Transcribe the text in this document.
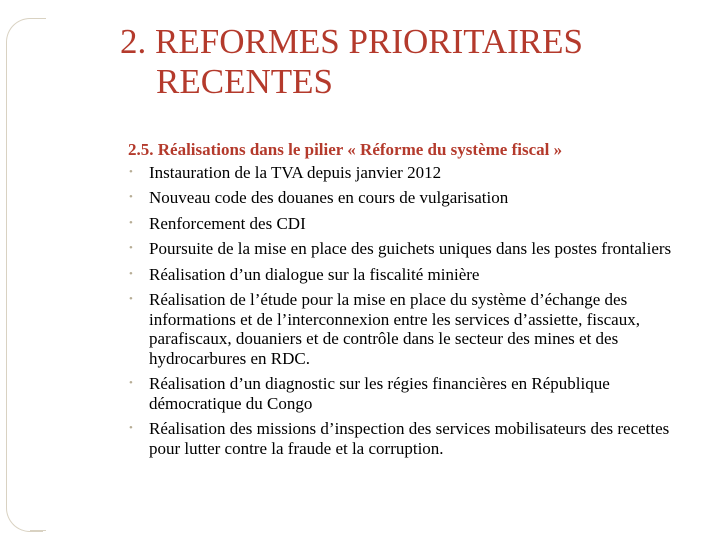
2. REFORMES PRIORITAIRES
RECENTES

2.5. Réalisations dans le pilier « Réforme du système fiscal »

• Instauration de la TVA depuis janvier 2012
• Nouveau code des douanes en cours de vulgarisation
• Renforcement des CDI
• Poursuite de la mise en place des guichets uniques dans les postes frontaliers
• Réalisation d’un dialogue sur la fiscalité minière
• Réalisation de l’étude pour la mise en place du système d’échange des informations et de l’interconnexion entre les services d’assiette, fiscaux, parafiscaux, douaniers et de contrôle dans le secteur des mines et des hydrocarbures en RDC.
• Réalisation d’un diagnostic sur les régies financières en République démocratique du Congo
• Réalisation des missions d’inspection des services mobilisateurs des recettes pour lutter contre la fraude et la corruption.
